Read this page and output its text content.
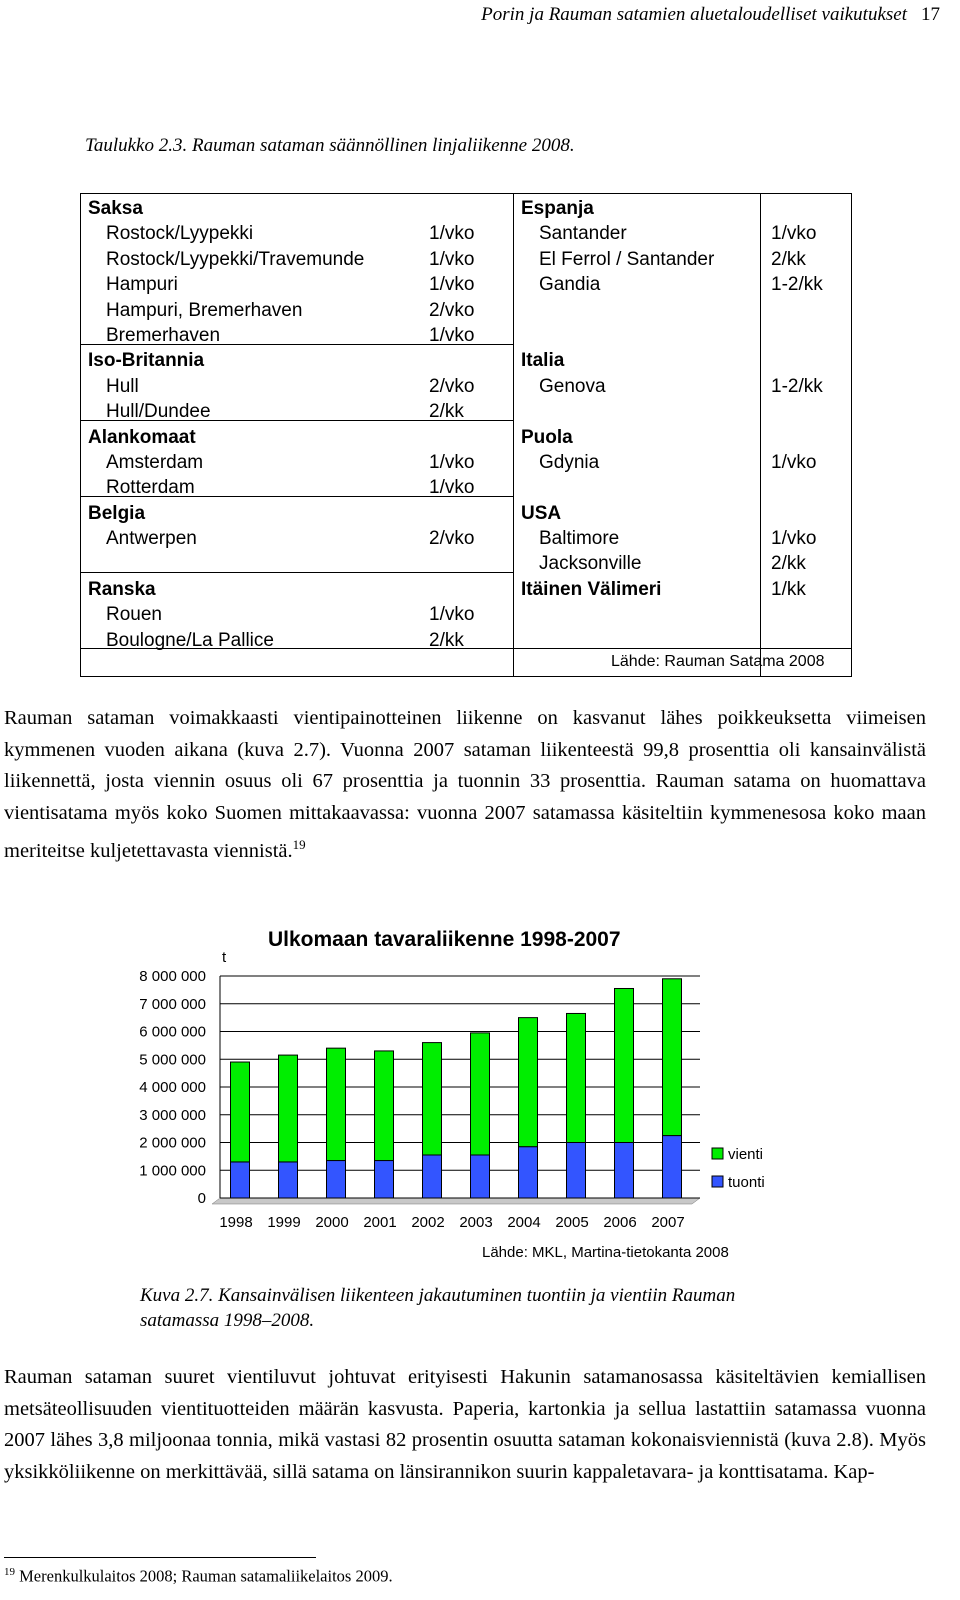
Porin ja Rauman satamien aluetaloudelliset vaikutukset 17
Taulukko 2.3. Rauman sataman säännöllinen linjaliikenne 2008.
Saksa
Rostock/Lyypekki
Rostock/Lyypekki/Travemunde
Hampuri
Hampuri, Bremerhaven
Bremerhaven
Iso-Britannia
Hull
Hull/Dundee
Alankomaat
Amsterdam
Rotterdam
Belgia
Antwerpen

Ranska
Rouen
Boulogne/La Pallice

1/vko
1/vko
1/vko
2/vko
1/vko

2/vko
2/kk

1/vko
1/vko

2/vko

1/vko
2/kk
Espanja
Santander
El Ferrol / Santander
Gandia

Italia
Genova

Puola
Gdynia

USA
Baltimore
Jacksonville
Itäinen Välimeri

1/vko
2/kk
1-2/kk

1-2/kk

1/vko

1/vko
2/kk
1/kk
Lähde: Rauman Satama 2008
Rauman sataman voimakkaasti vientipainotteinen liikenne on kasvanut lähes poikkeuksetta viimeisen kymmenen vuoden aikana (kuva 2.7). Vuonna 2007 sataman liikenteestä 99,8 prosenttia oli kansainvälistä liikennettä, josta viennin osuus oli 67 prosenttia ja tuonnin 33 prosenttia. Rauman satama on huomattava vientisatama myös koko Suomen mittakaavassa: vuonna 2007 satamassa käsiteltiin kymmenesosa koko maan meriteitse kuljetettavasta viennistä.$^{19}$
Ulkomaan tavaraliikenne 1998-2007
t
0
1 000 000
2 000 000
3 000 000
4 000 000
5 000 000
6 000 000
7 000 000
8 000 000
1998 1999 2000 2001 2002 2003 2004 2005 2006 2007
vienti
tuonti
Lähde: MKL, Martina-tietokanta 2008
Kuva 2.7. Kansainvälisen liikenteen jakautuminen tuontiin ja vientiin Rauman satamassa 1998–2008.
Rauman sataman suuret vientiluvut johtuvat erityisesti Hakunin satamanosassa käsiteltävien kemiallisen metsäteollisuuden vientituotteiden määrän kasvusta. Paperia, kartonkia ja sellua lastattiin satamassa vuonna 2007 lähes 3,8 miljoonaa tonnia, mikä vastasi 82 prosentin osuutta sataman kokonaisviennistä (kuva 2.8). Myös yksikköliikenne on merkittävää, sillä satama on länsirannikon suurin kappaletavara- ja konttisatama. Kap-
$^{19}$ Merenkulkulaitos 2008; Rauman satamaliikelaitos 2009.
